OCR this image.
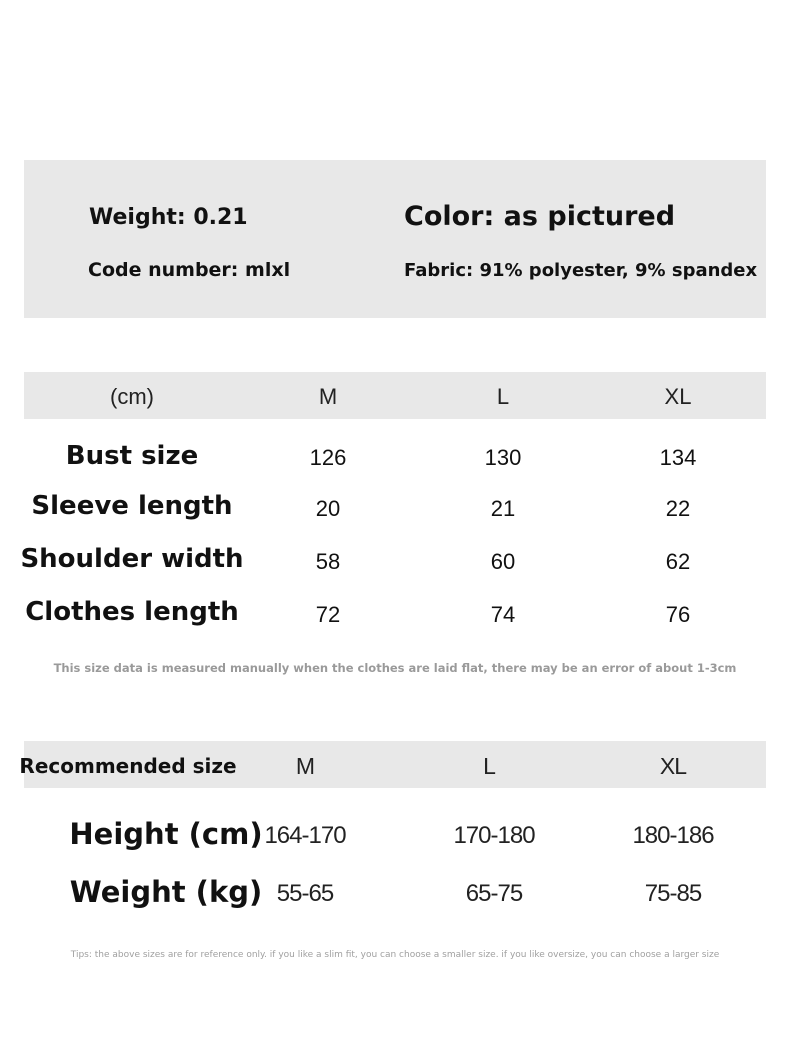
Weight: 0.21
Code number: mlxl
Color: as pictured
Fabric: 91% polyester, 9% spandex
(cm)	M	L	XL
Bust size	126	130	134
Sleeve length	20	21	22
Shoulder width	58	60	62
Clothes length	72	74	76
This size data is measured manually when the clothes are laid flat, there may be an error of about 1-3cm
Recommended size	M	L	XL
Height (cm) 164-170	170-180	180-186
Weight (kg) 55-65	65-75	75-85
Tips: the above sizes are for reference only. if you like a slim fit, you can choose a smaller size. if you like oversize, you can choose a larger size
